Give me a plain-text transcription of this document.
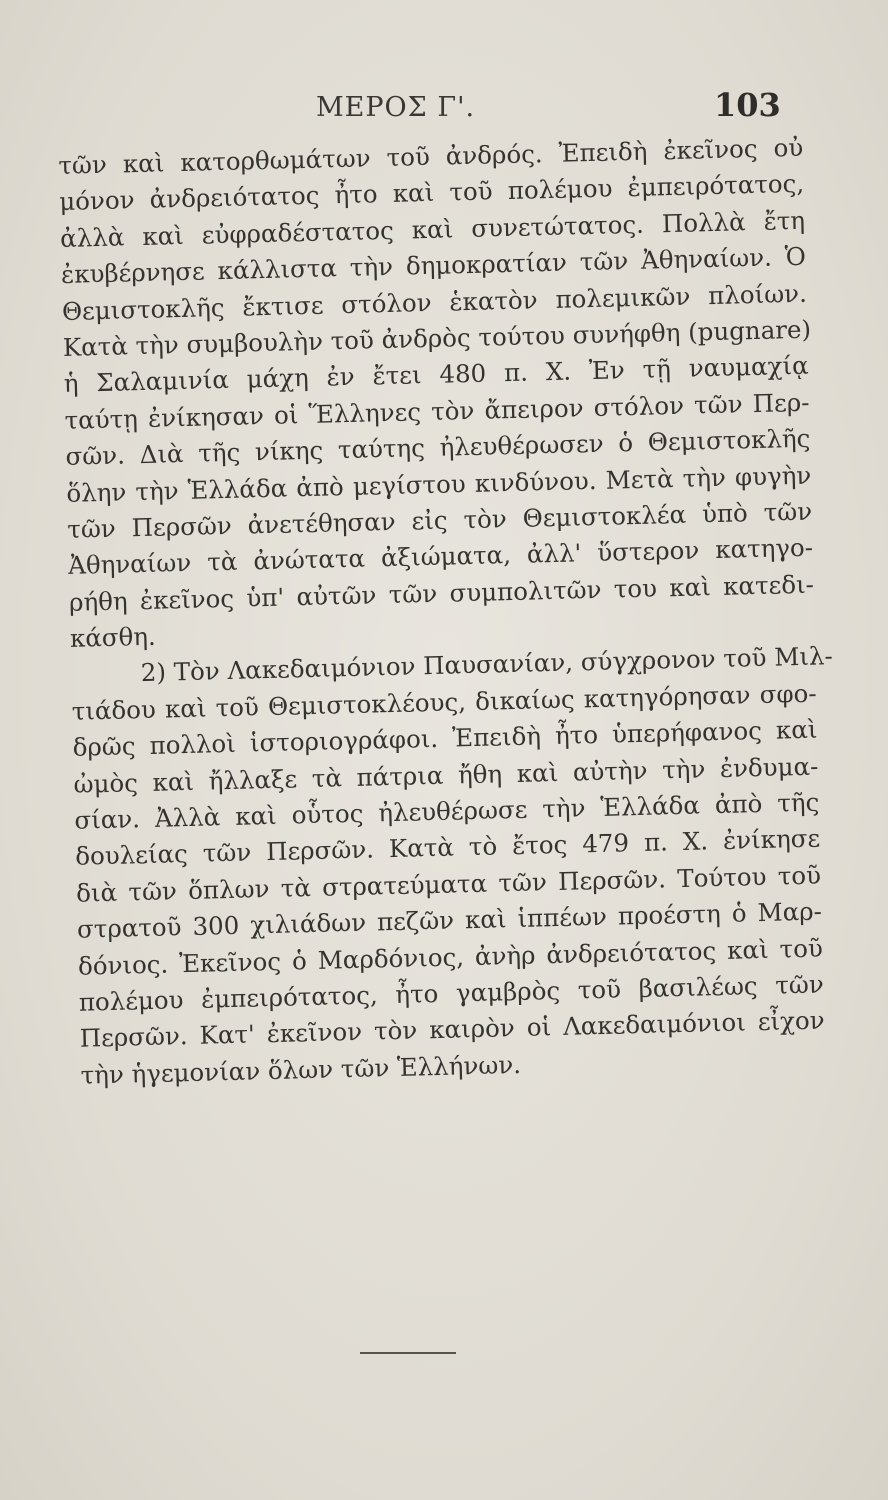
ΜΕΡΟΣ Γ'.	103
τῶν καὶ κατορθωμάτων τοῦ ἀνδρός. Ἐπειδὴ ἐκεῖνος οὐ
μόνον ἀνδρειότατος ἦτο καὶ τοῦ πολέμου ἐμπειρότατος,
ἀλλὰ καὶ εὐφραδέστατος καὶ συνετώτατος. Πολλὰ ἔτη
ἐκυβέρνησε κάλλιστα τὴν δημοκρατίαν τῶν Ἀθηναίων. Ὁ
Θεμιστοκλῆς ἔκτισε στόλον ἑκατὸν πολεμικῶν πλοίων.
Κατὰ τὴν συμβουλὴν τοῦ ἀνδρὸς τούτου συνήφθη (pugnare)
ἡ Σαλαμινία μάχη ἐν ἔτει 480 π. Χ. Ἐν τῇ ναυμαχίᾳ
ταύτῃ ἐνίκησαν οἱ Ἕλληνες τὸν ἄπειρον στόλον τῶν Περ-
σῶν. Διὰ τῆς νίκης ταύτης ἠλευθέρωσεν ὁ Θεμιστοκλῆς
ὅλην τὴν Ἑλλάδα ἀπὸ μεγίστου κινδύνου. Μετὰ τὴν φυγὴν
τῶν Περσῶν ἀνετέθησαν εἰς τὸν Θεμιστοκλέα ὑπὸ τῶν
Ἀθηναίων τὰ ἀνώτατα ἀξιώματα, ἀλλ' ὕστερον κατηγο-
ρήθη ἐκεῖνος ὑπ' αὐτῶν τῶν συμπολιτῶν του καὶ κατεδι-
κάσθη.
2) Τὸν Λακεδαιμόνιον Παυσανίαν, σύγχρονον τοῦ Μιλ-
τιάδου καὶ τοῦ Θεμιστοκλέους, δικαίως κατηγόρησαν σφο-
δρῶς πολλοὶ ἱστοριογράφοι. Ἐπειδὴ ἦτο ὑπερήφανος καὶ
ὠμὸς καὶ ἤλλαξε τὰ πάτρια ἤθη καὶ αὐτὴν τὴν ἐνδυμα-
σίαν. Ἀλλὰ καὶ οὗτος ἠλευθέρωσε τὴν Ἑλλάδα ἀπὸ τῆς
δουλείας τῶν Περσῶν. Κατὰ τὸ ἔτος 479 π. Χ. ἐνίκησε
διὰ τῶν ὅπλων τὰ στρατεύματα τῶν Περσῶν. Τούτου τοῦ
στρατοῦ 300 χιλιάδων πεζῶν καὶ ἱππέων προέστη ὁ Μαρ-
δόνιος. Ἐκεῖνος ὁ Μαρδόνιος, ἀνὴρ ἀνδρειότατος καὶ τοῦ
πολέμου ἐμπειρότατος, ἦτο γαμβρὸς τοῦ βασιλέως τῶν
Περσῶν. Κατ' ἐκεῖνον τὸν καιρὸν οἱ Λακεδαιμόνιοι εἶχον
τὴν ἡγεμονίαν ὅλων τῶν Ἑλλήνων.
